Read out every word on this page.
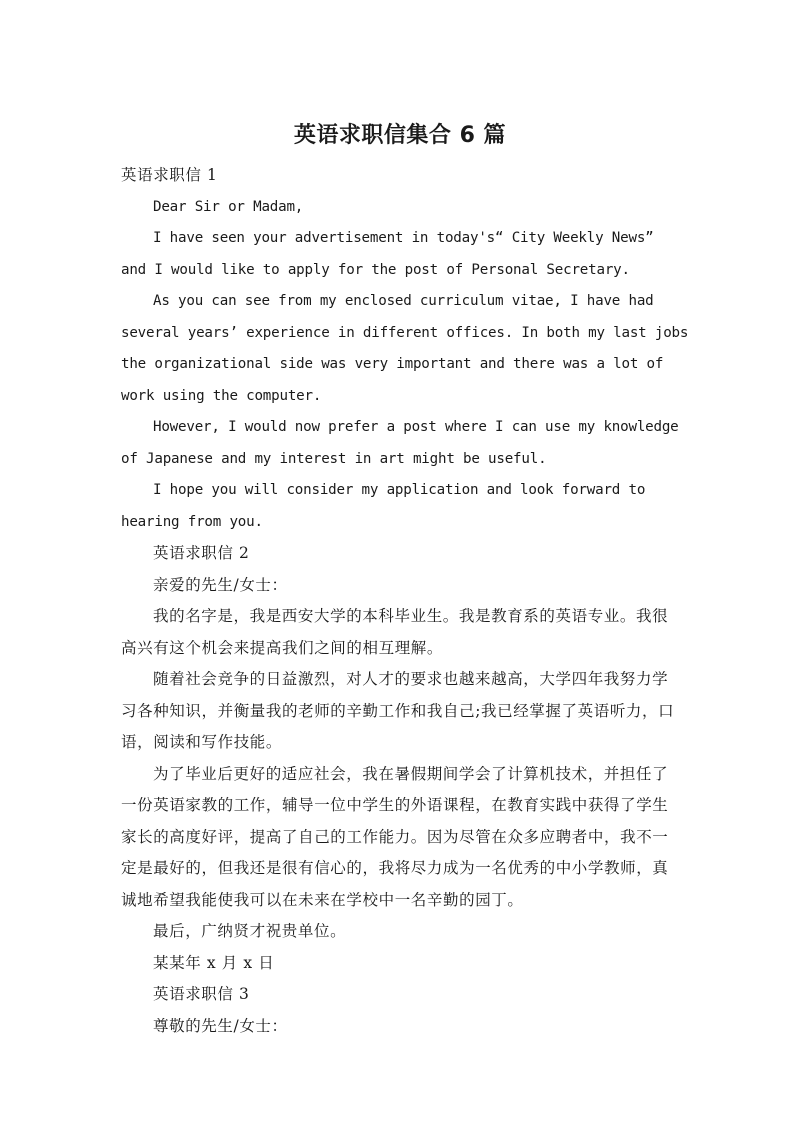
英语求职信集合 6 篇
英语求职信 1
Dear Sir or Madam,
I have seen your advertisement in today's“ City Weekly News”
and I would like to apply for the post of Personal Secretary.
As you can see from my enclosed curriculum vitae, I have had
several years’ experience in different offices. In both my last jobs
the organizational side was very important and there was a lot of
work using the computer.
However, I would now prefer a post where I can use my knowledge
of Japanese and my interest in art might be useful.
I hope you will consider my application and look forward to
hearing from you.
英语求职信 2
亲爱的先生/女士：
我的名字是，我是西安大学的本科毕业生。我是教育系的英语专业。我很
高兴有这个机会来提高我们之间的相互理解。
随着社会竞争的日益激烈，对人才的要求也越来越高，大学四年我努力学
习各种知识，并衡量我的老师的辛勤工作和我自己;我已经掌握了英语听力，口
语，阅读和写作技能。
为了毕业后更好的适应社会，我在暑假期间学会了计算机技术，并担任了
一份英语家教的工作，辅导一位中学生的外语课程，在教育实践中获得了学生
家长的高度好评，提高了自己的工作能力。因为尽管在众多应聘者中，我不一
定是最好的，但我还是很有信心的，我将尽力成为一名优秀的中小学教师，真
诚地希望我能使我可以在未来在学校中一名辛勤的园丁。
最后，广纳贤才祝贵单位。
某某年 x 月 x 日
英语求职信 3
尊敬的先生/女士：
